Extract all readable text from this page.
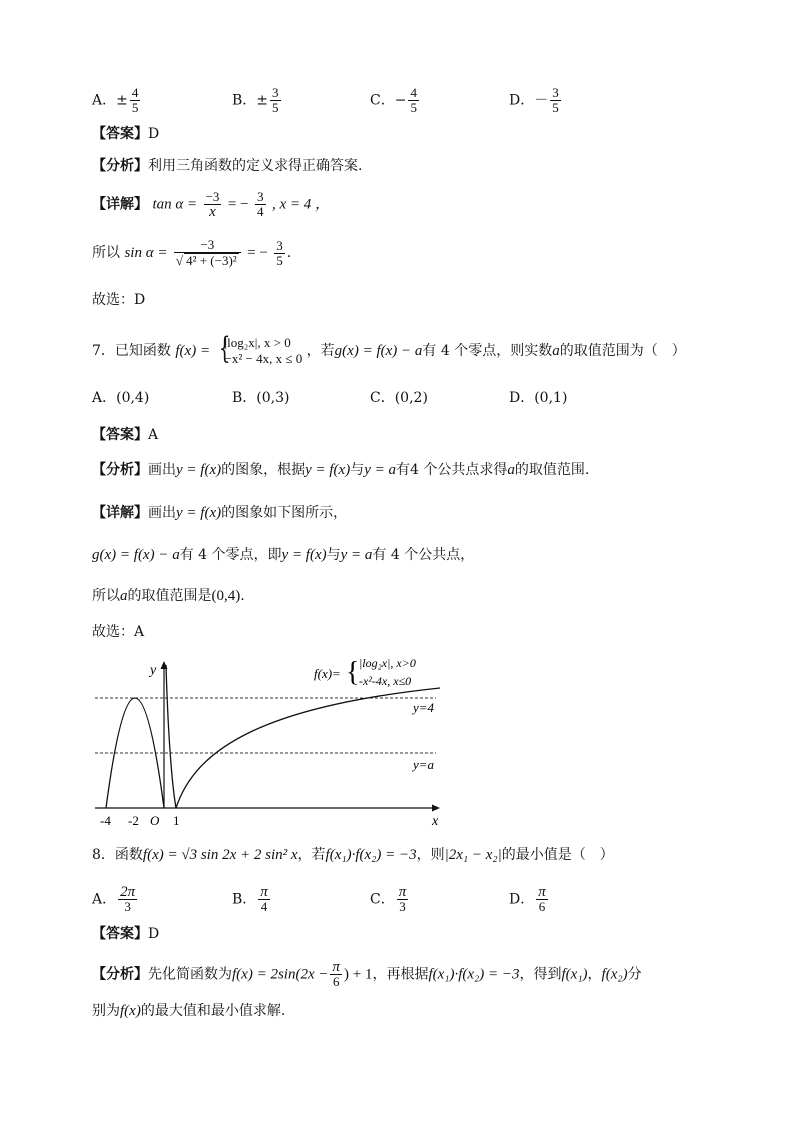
A．± $\frac{4}{5}$	B．± $\frac{3}{5}$	C．− $\frac{4}{5}$	D．－ $\frac{3}{5}$
【答案】D
【分析】利用三角函数的定义求得正确答案.
【详解】 $\tan \alpha = \frac{-3}{x}$ = − $\frac{3}{4}$ , x = 4 ，
所以 $\sin \alpha = \frac{-3}{\text{√ 4² + (−3)²}}$ = − $\frac{3}{5}$ .
故选：D
7．已知函数 f(x) =
{ |log₂x|, x > 0
−x² − 4x, x ≤ 0 ，若g(x) = f(x) − a有 4 个零点，则实数a的取值范围为（　）
A．(0,4)	B．(0,3)	C．(0,2)	D．(0,1)
【答案】A
【分析】画出y = f(x)的图象，根据y = f(x)与y = a有4 个公共点求得a的取值范围.
【详解】画出y = f(x)的图象如下图所示，
g(x) = f(x) − a有 4 个零点，即y = f(x)与y = a有 4 个公共点，
所以a的取值范围是(0,4).
故选：A
y
x
f(x)= { |log₂x|, x>0
-x²-4x, x≤0
y=4
y=a
-4 -2 O 1
8．函数f(x) = √3 sin 2x + 2 sin² x，若f(x₁)·f(x₂) = −3，则|2x₁ − x₂|的最小值是（　）
A． $\frac{2\pi}{3}$	B． $\frac{\pi}{4}$	C． $\frac{\pi}{3}$	D． $\frac{\pi}{6}$
【答案】D
【分析】先化简函数为$f(x) = 2\sin(2x - \frac{\pi}{6}$ ) + 1，再根据f(x₁)·f(x₂) = −3，得到f(x₁)，f(x₂)分
别为f(x)的最大值和最小值求解.
